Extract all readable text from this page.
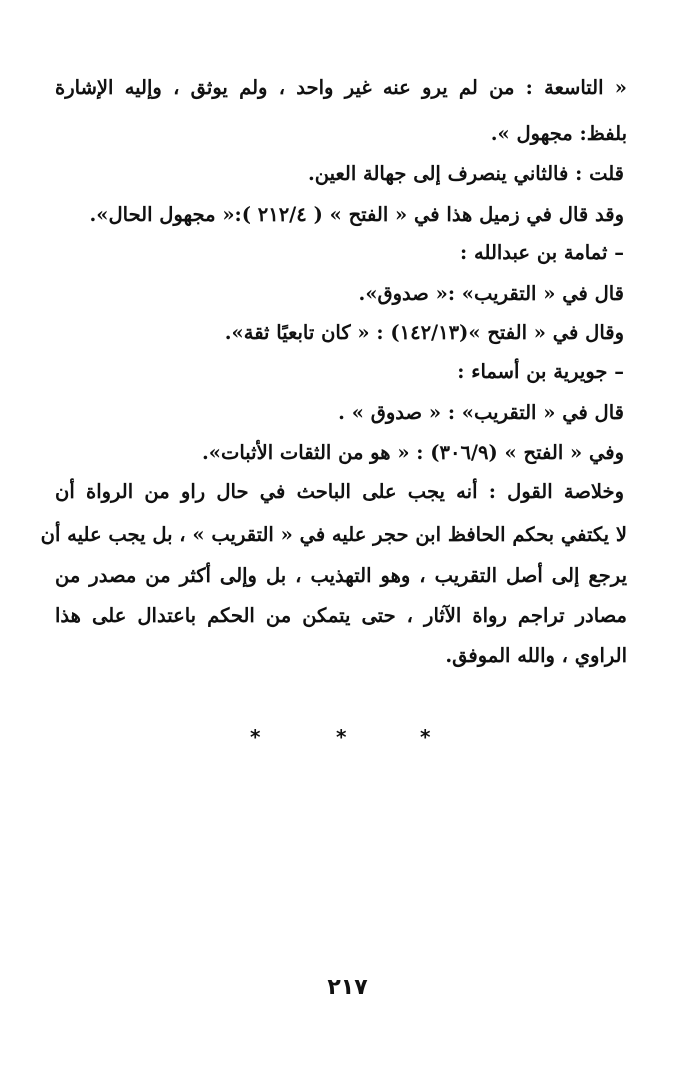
« التاسعة : من لم يرو عنه غير واحد ، ولم يوثق ، وإليه الإشارة
بلفظ: مجهول ».
قلت : فالثاني ينصرف إلى جهالة العين.
وقد قال في زميل هذا في « الفتح » ( ٢١٢/٤ ):« مجهول الحال».
– ثمامة بن عبدالله :
قال في « التقريب» :« صدوق».
وقال في « الفتح »(١٤٢/١٣) : « كان تابعيًا ثقة».
– جويرية بن أسماء :
قال في « التقريب» : « صدوق » .
وفي « الفتح » (٣٠٦/٩) : « هو من الثقات الأثبات».
وخلاصة القول : أنه يجب على الباحث في حال راو من الرواة أن
لا يكتفي بحكم الحافظ ابن حجر عليه في « التقريب » ، بل يجب عليه أن
يرجع إلى أصل التقريب ، وهو التهذيب ، بل وإلى أكثر من مصدر من
مصادر تراجم رواة الآثار ، حتى يتمكن من الحكم باعتدال على هذا
الراوي ، والله الموفق.
*	*	*
٢١٧
